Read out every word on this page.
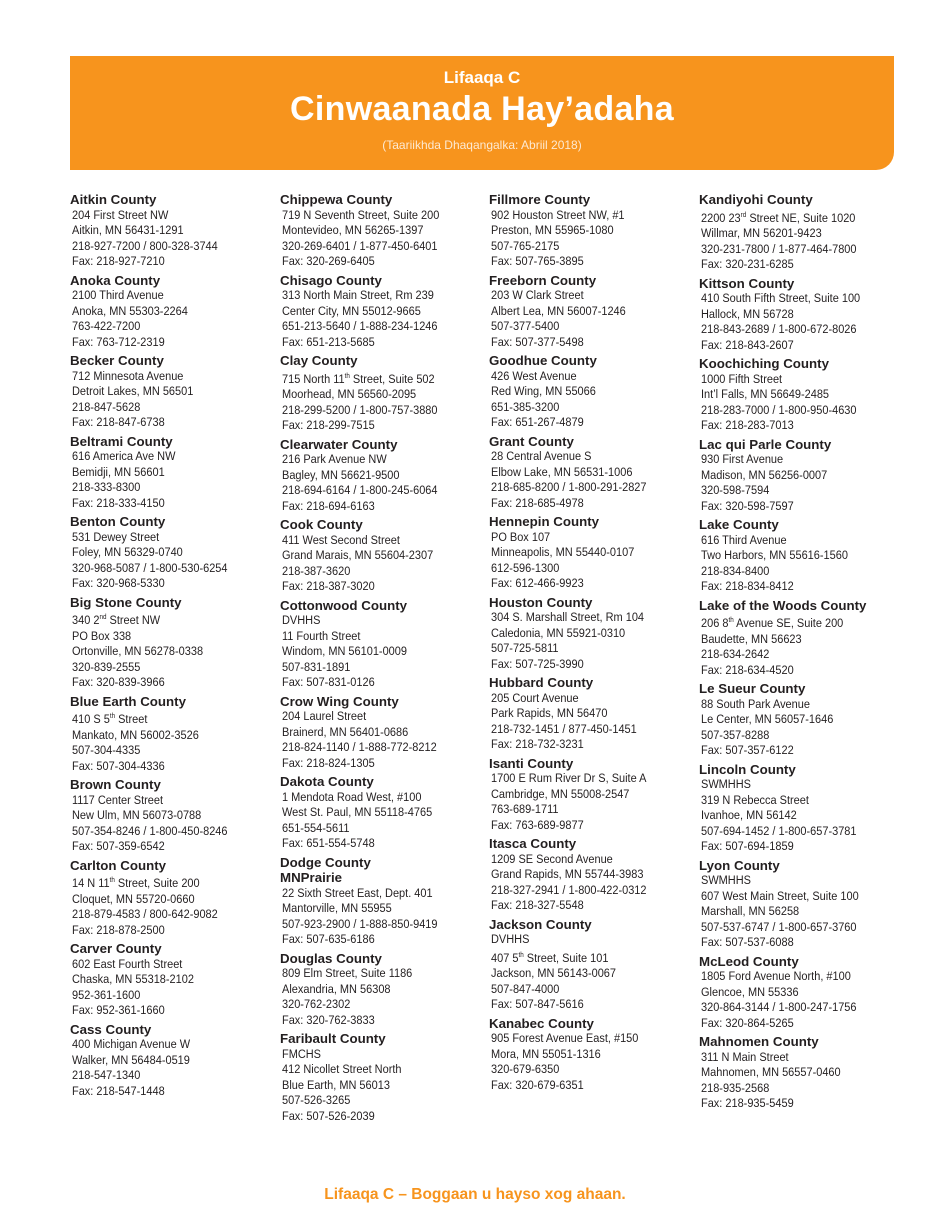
Lifaaqa C
Cinwaanada Hay’adaha
(Taariikhda Dhaqangalka: Abriil 2018)
Aitkin County
204 First Street NW
Aitkin, MN 56431-1291
218-927-7200 / 800-328-3744
Fax: 218-927-7210
Anoka County
2100 Third Avenue
Anoka, MN 55303-2264
763-422-7200
Fax: 763-712-2319
Becker County
712 Minnesota Avenue
Detroit Lakes, MN 56501
218-847-5628
Fax: 218-847-6738
Beltrami County
616 America Ave NW
Bemidji, MN 56601
218-333-8300
Fax: 218-333-4150
Benton County
531 Dewey Street
Foley, MN 56329-0740
320-968-5087 / 1-800-530-6254
Fax: 320-968-5330
Big Stone County
340 2nd Street NW
PO Box 338
Ortonville, MN 56278-0338
320-839-2555
Fax: 320-839-3966
Blue Earth County
410 S 5th Street
Mankato, MN 56002-3526
507-304-4335
Fax: 507-304-4336
Brown County
1117 Center Street
New Ulm, MN 56073-0788
507-354-8246 / 1-800-450-8246
Fax: 507-359-6542
Carlton County
14 N 11th Street, Suite 200
Cloquet, MN 55720-0660
218-879-4583 / 800-642-9082
Fax: 218-878-2500
Carver County
602 East Fourth Street
Chaska, MN 55318-2102
952-361-1600
Fax: 952-361-1660
Cass County
400 Michigan Avenue W
Walker, MN 56484-0519
218-547-1340
Fax: 218-547-1448
Chippewa County
719 N Seventh Street, Suite 200
Montevideo, MN 56265-1397
320-269-6401 / 1-877-450-6401
Fax: 320-269-6405
Chisago County
313 North Main Street, Rm 239
Center City, MN 55012-9665
651-213-5640 / 1-888-234-1246
Fax: 651-213-5685
Clay County
715 North 11th Street, Suite 502
Moorhead, MN 56560-2095
218-299-5200 / 1-800-757-3880
Fax: 218-299-7515
Clearwater County
216 Park Avenue NW
Bagley, MN 56621-9500
218-694-6164 / 1-800-245-6064
Fax: 218-694-6163
Cook County
411 West Second Street
Grand Marais, MN 55604-2307
218-387-3620
Fax: 218-387-3020
Cottonwood County
DVHHS
11 Fourth Street
Windom, MN 56101-0009
507-831-1891
Fax: 507-831-0126
Crow Wing County
204 Laurel Street
Brainerd, MN 56401-0686
218-824-1140 / 1-888-772-8212
Fax: 218-824-1305
Dakota County
1 Mendota Road West, #100
West St. Paul, MN 55118-4765
651-554-5611
Fax: 651-554-5748
Dodge County
MNPrairie
22 Sixth Street East, Dept. 401
Mantorville, MN 55955
507-923-2900 / 1-888-850-9419
Fax: 507-635-6186
Douglas County
809 Elm Street, Suite 1186
Alexandria, MN 56308
320-762-2302
Fax: 320-762-3833
Faribault County
FMCHS
412 Nicollet Street North
Blue Earth, MN 56013
507-526-3265
Fax: 507-526-2039
Fillmore County
902 Houston Street NW, #1
Preston, MN 55965-1080
507-765-2175
Fax: 507-765-3895
Freeborn County
203 W Clark Street
Albert Lea, MN 56007-1246
507-377-5400
Fax: 507-377-5498
Goodhue County
426 West Avenue
Red Wing, MN 55066
651-385-3200
Fax: 651-267-4879
Grant County
28 Central Avenue S
Elbow Lake, MN 56531-1006
218-685-8200 / 1-800-291-2827
Fax: 218-685-4978
Hennepin County
PO Box 107
Minneapolis, MN 55440-0107
612-596-1300
Fax: 612-466-9923
Houston County
304 S. Marshall Street, Rm 104
Caledonia, MN 55921-0310
507-725-5811
Fax: 507-725-3990
Hubbard County
205 Court Avenue
Park Rapids, MN 56470
218-732-1451 / 877-450-1451
Fax: 218-732-3231
Isanti County
1700 E Rum River Dr S, Suite A
Cambridge, MN 55008-2547
763-689-1711
Fax: 763-689-9877
Itasca County
1209 SE Second Avenue
Grand Rapids, MN 55744-3983
218-327-2941 / 1-800-422-0312
Fax: 218-327-5548
Jackson County
DVHHS
407 5th Street, Suite 101
Jackson, MN 56143-0067
507-847-4000
Fax: 507-847-5616
Kanabec County
905 Forest Avenue East, #150
Mora, MN 55051-1316
320-679-6350
Fax: 320-679-6351
Kandiyohi County
2200 23rd Street NE, Suite 1020
Willmar, MN 56201-9423
320-231-7800 / 1-877-464-7800
Fax: 320-231-6285
Kittson County
410 South Fifth Street, Suite 100
Hallock, MN 56728
218-843-2689 / 1-800-672-8026
Fax: 218-843-2607
Koochiching County
1000 Fifth Street
Int’l Falls, MN 56649-2485
218-283-7000 / 1-800-950-4630
Fax: 218-283-7013
Lac qui Parle County
930 First Avenue
Madison, MN 56256-0007
320-598-7594
Fax: 320-598-7597
Lake County
616 Third Avenue
Two Harbors, MN 55616-1560
218-834-8400
Fax: 218-834-8412
Lake of the Woods County
206 8th Avenue SE, Suite 200
Baudette, MN 56623
218-634-2642
Fax: 218-634-4520
Le Sueur County
88 South Park Avenue
Le Center, MN 56057-1646
507-357-8288
Fax: 507-357-6122
Lincoln County
SWMHHS
319 N Rebecca Street
Ivanhoe, MN 56142
507-694-1452 / 1-800-657-3781
Fax: 507-694-1859
Lyon County
SWMHHS
607 West Main Street, Suite 100
Marshall, MN 56258
507-537-6747 / 1-800-657-3760
Fax: 507-537-6088
McLeod County
1805 Ford Avenue North, #100
Glencoe, MN 55336
320-864-3144 / 1-800-247-1756
Fax: 320-864-5265
Mahnomen County
311 N Main Street
Mahnomen, MN 56557-0460
218-935-2568
Fax: 218-935-5459
Lifaaqa C – Boggaan u hayso xog ahaan.
